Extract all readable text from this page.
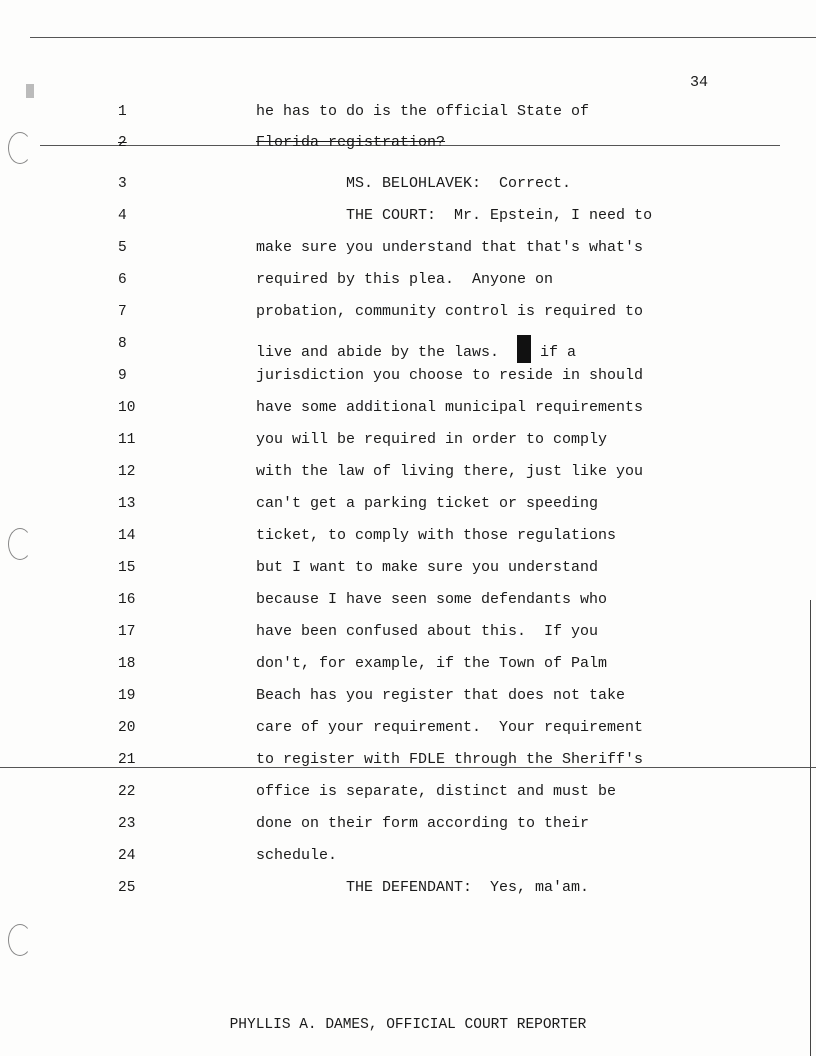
34
1	he has to do is the official State of
2	Florida registration?
3	MS. BELOHLAVEK:  Correct.
4	THE COURT:  Mr. Epstein, I need to
5	make sure you understand that that's what's
6	required by this plea.  Anyone on
7	probation, community control is required to
8	live and abide by the laws.   if a
9	jurisdiction you choose to reside in should
10	have some additional municipal requirements
11	you will be required in order to comply
12	with the law of living there, just like you
13	can't get a parking ticket or speeding
14	ticket, to comply with those regulations
15	but I want to make sure you understand
16	because I have seen some defendants who
17	have been confused about this.  If you
18	don't, for example, if the Town of Palm
19	Beach has you register that does not take
20	care of your requirement.  Your requirement
21	to register with FDLE through the Sheriff's
22	office is separate, distinct and must be
23	done on their form according to their
24	schedule.
25	THE DEFENDANT:  Yes, ma'am.
PHYLLIS A. DAMES, OFFICIAL COURT REPORTER
